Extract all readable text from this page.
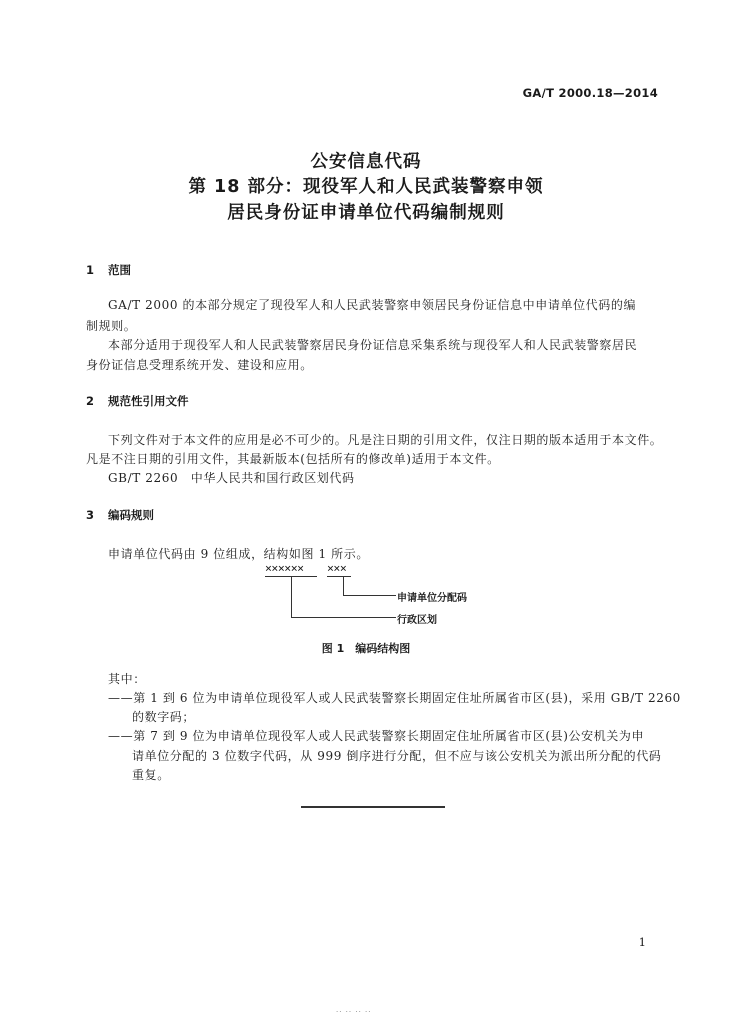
GA/T 2000.18—2014
公安信息代码
第 18 部分：现役军人和人民武装警察申领
居民身份证申请单位代码编制规则
1 范围
GA/T 2000 的本部分规定了现役军人和人民武装警察申领居民身份证信息中申请单位代码的编
制规则。
本部分适用于现役军人和人民武装警察居民身份证信息采集系统与现役军人和人民武装警察居民
身份证信息受理系统开发、建设和应用。
2 规范性引用文件
下列文件对于本文件的应用是必不可少的。凡是注日期的引用文件，仅注日期的版本适用于本文件。
凡是不注日期的引用文件，其最新版本(包括所有的修改单)适用于本文件。
GB/T 2260　中华人民共和国行政区划代码
3 编码规则
申请单位代码由 9 位组成，结构如图 1 所示。
×××××× ×××
申请单位分配码
行政区划
图 1　编码结构图
其中：
——第 1 到 6 位为申请单位现役军人或人民武装警察长期固定住址所属省市区(县)，采用 GB/T 2260
的数字码；
——第 7 到 9 位为申请单位现役军人或人民武装警察长期固定住址所属省市区(县)公安机关为申
请单位分配的 3 位数字代码，从 999 倒序进行分配，但不应与该公安机关为派出所分配的代码
重复。
1
·· ·· ·· ··
